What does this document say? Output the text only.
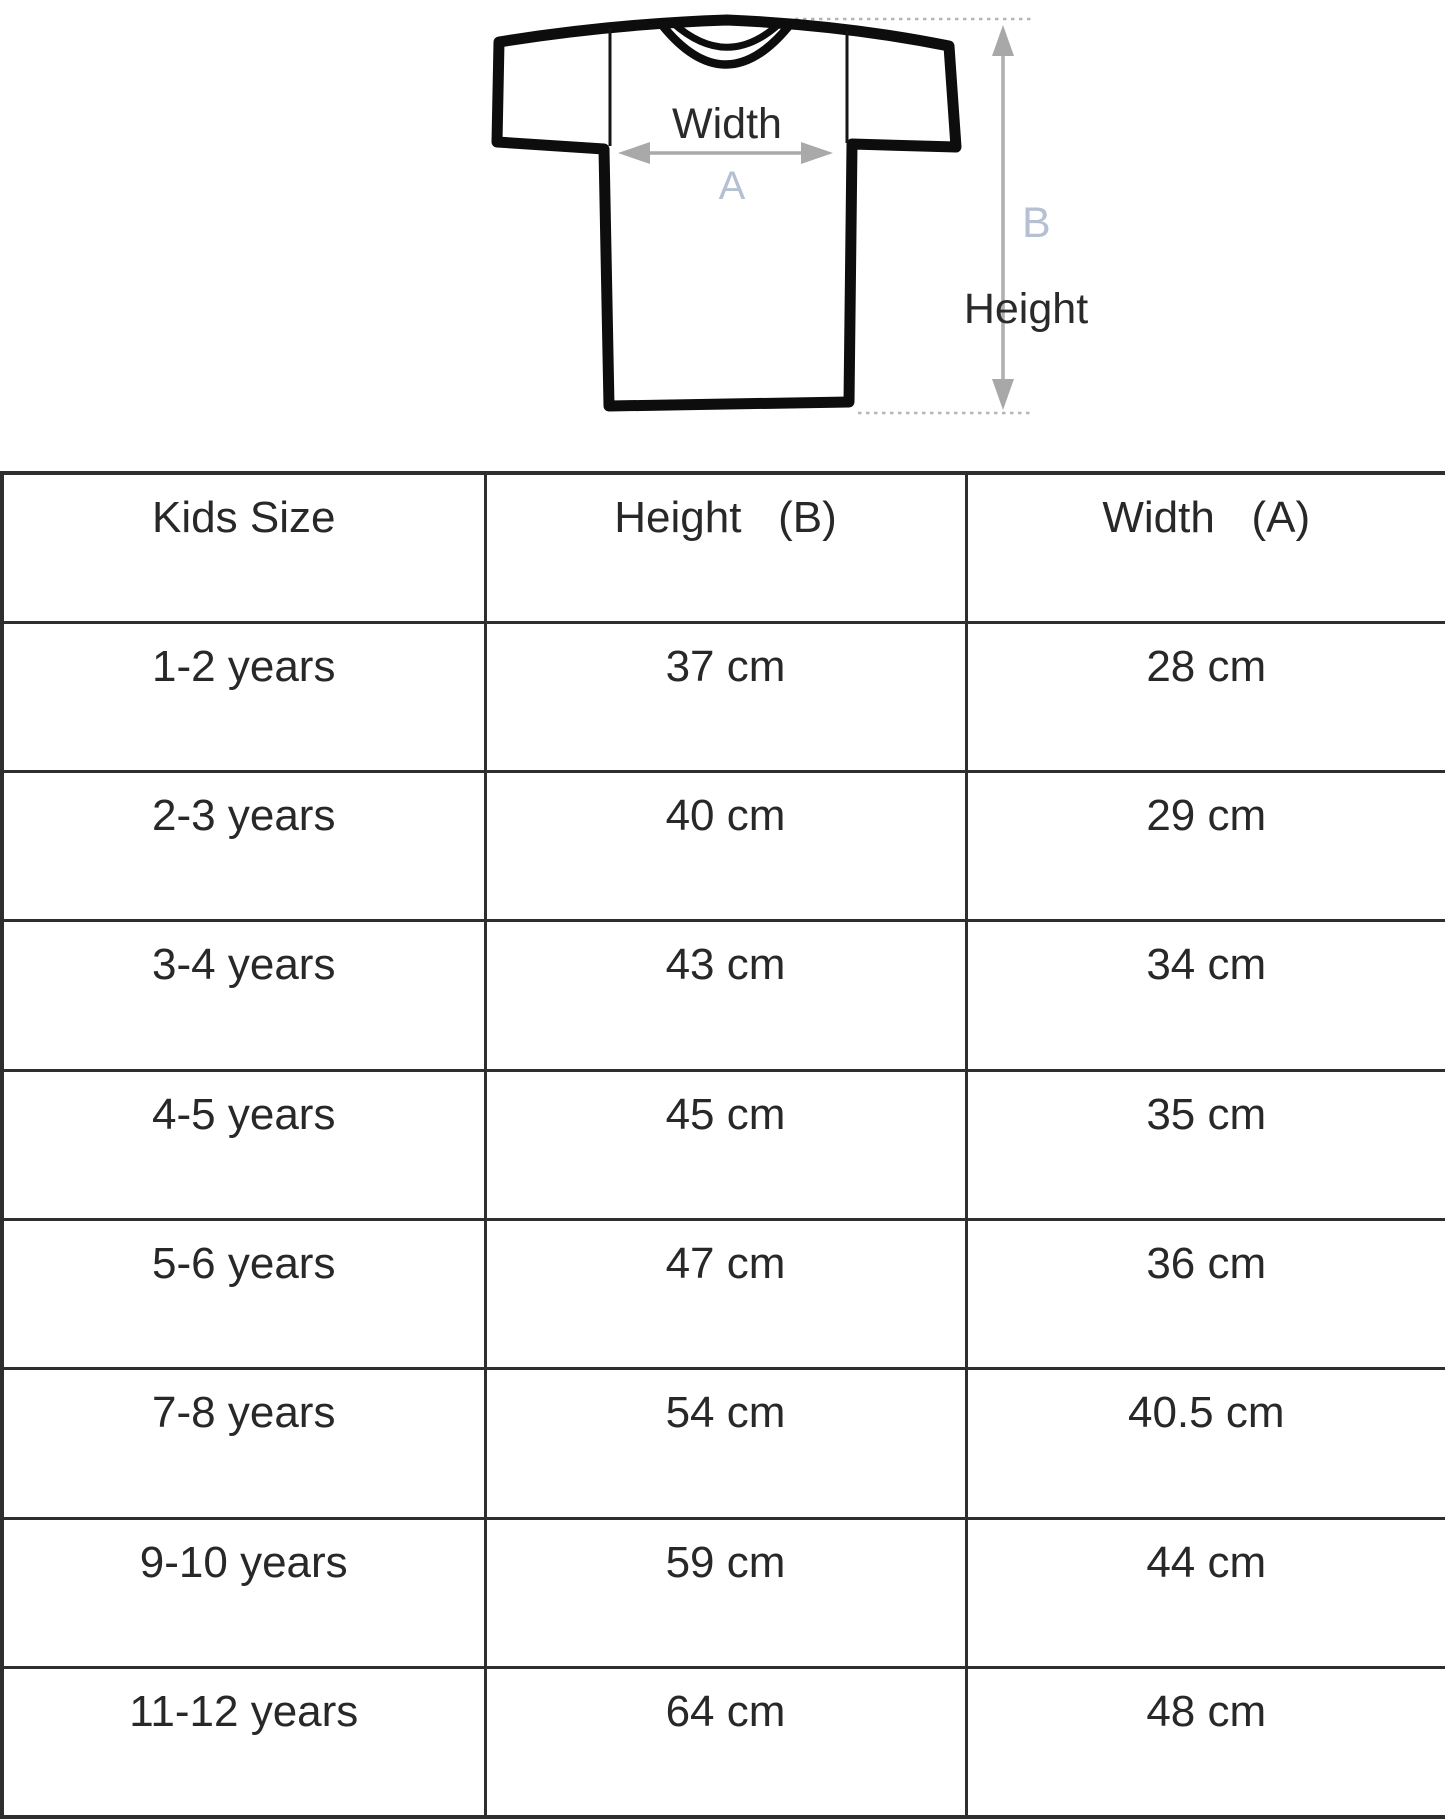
Width
A
B
Height
Kids Size	Height   (B)	Width   (A)
1-2 years	37 cm	28 cm
2-3 years	40 cm	29 cm
3-4 years	43 cm	34 cm
4-5 years	45 cm	35 cm
5-6 years	47 cm	36 cm
7-8 years	54 cm	40.5 cm
9-10 years	59 cm	44 cm
11-12 years	64 cm	48 cm
